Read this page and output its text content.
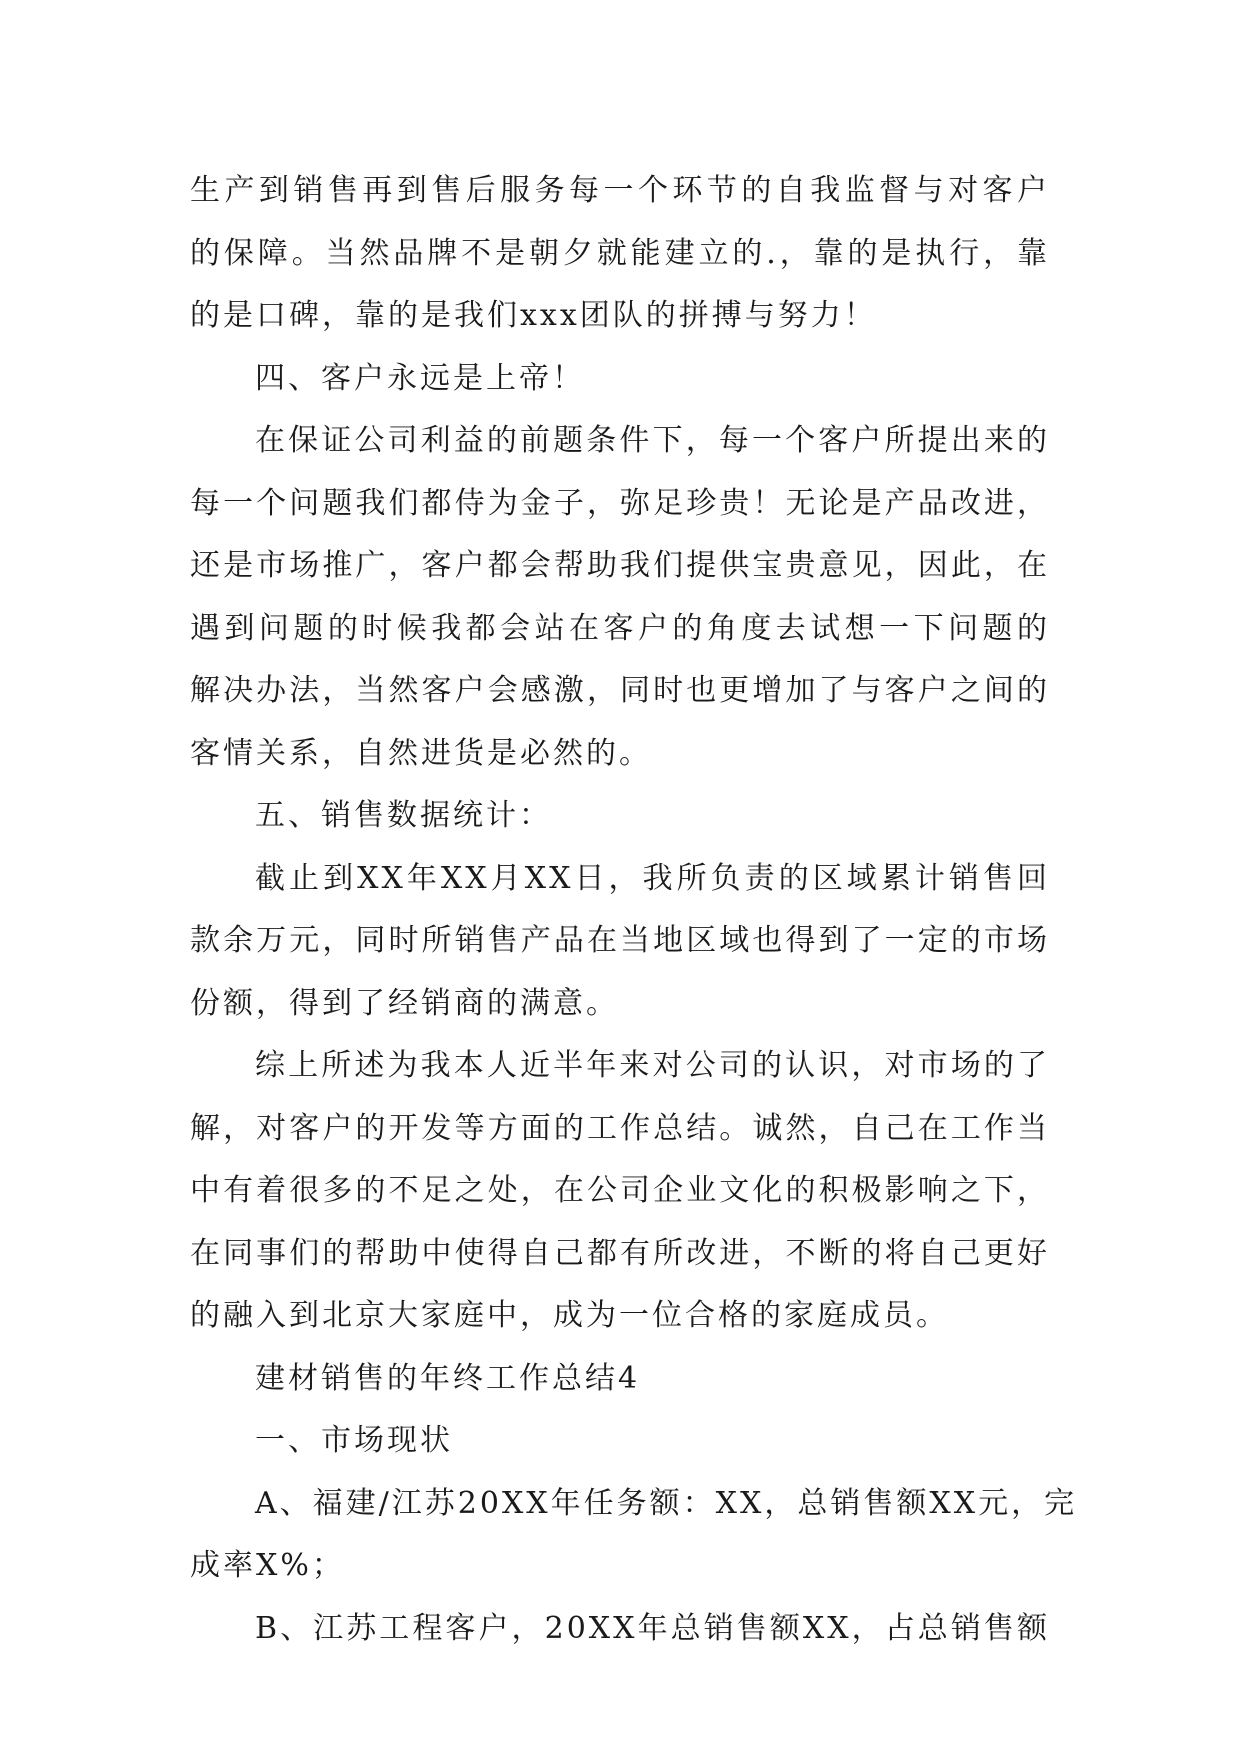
生产到销售再到售后服务每一个环节的自我监督与对客户
的保障。当然品牌不是朝夕就能建立的.，靠的是执行，靠
的是口碑，靠的是我们xxx团队的拼搏与努力！
四、客户永远是上帝！
在保证公司利益的前题条件下，每一个客户所提出来的
每一个问题我们都侍为金子，弥足珍贵！无论是产品改进，
还是市场推广，客户都会帮助我们提供宝贵意见，因此，在
遇到问题的时候我都会站在客户的角度去试想一下问题的
解决办法，当然客户会感激，同时也更增加了与客户之间的
客情关系，自然进货是必然的。
五、销售数据统计：
截止到XX年XX月XX日，我所负责的区域累计销售回
款余万元，同时所销售产品在当地区域也得到了一定的市场
份额，得到了经销商的满意。
综上所述为我本人近半年来对公司的认识，对市场的了
解，对客户的开发等方面的工作总结。诚然，自己在工作当
中有着很多的不足之处，在公司企业文化的积极影响之下，
在同事们的帮助中使得自己都有所改进，不断的将自己更好
的融入到北京大家庭中，成为一位合格的家庭成员。
建材销售的年终工作总结4
一、市场现状
A、福建/江苏20XX年任务额：XX，总销售额XX元，完
成率X%；
B、江苏工程客户，20XX年总销售额XX，占总销售额
